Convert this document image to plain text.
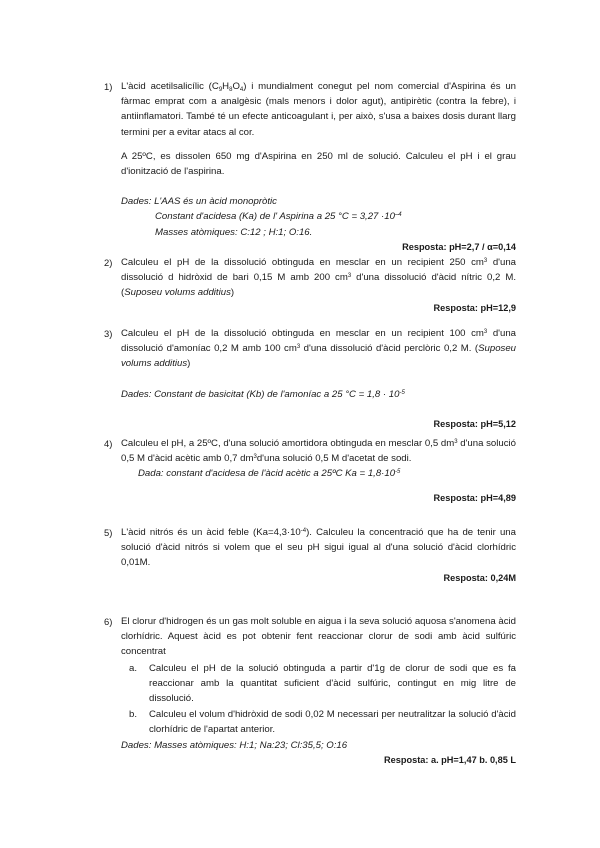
1) L'àcid acetilsalicílic $(C_9H_8O_4)$ i mundialment conegut pel nom comercial d'Aspirina és un fàrmac emprat com a analgèsic (mals menors i dolor agut), antipirètic (contra la febre), i antiinflamatori. També té un efecte anticoagulant i, per això, s'usa a baixes dosis durant llarg termini per a evitar atacs al cor.

A 25ºC, es dissolen 650 mg d'Aspirina en 250 ml de solució. Calculeu el pH i el grau d'ionització de l'aspirina.

Dades: L'AAS és un àcid monopròtic

Constant d'acidesa (Ka) de l' Aspirina a 25 $^\circ C = 3,27 \cdot 10^{-4}$

Masses atòmiques: C:12 ; H:1; O:16.

Resposta: pH=2,7 / α=0,14

2) Calculeu el pH de la dissolució obtinguda en mesclar en un recipient 250 $cm^3$ d'una dissolució d hidròxid de bari 0,15 M amb 200 $cm^3$ d'una dissolució d'àcid nítric 0,2 M. (Suposeu volums additius)

Resposta: pH=12,9

3) Calculeu el pH de la dissolució obtinguda en mesclar en un recipient 100 $cm^3$ d'una dissolució d'amoníac 0,2 M amb 100 $cm^3$ d'una dissolució d'àcid perclòric 0,2 M. (Suposeu volums additius)

Dades: Constant de basicitat (Kb) de l'amoníac a 25 $^\circ C = 1,8 \cdot 10^{-5}$

Resposta: pH=5,12

4) Calculeu el pH, a 25ºC, d'una solució amortidora obtinguda en mesclar 0,5 $dm^3$ d'una solució 0,5 M d'àcid acètic amb 0,7 $dm^3d'una$ solució 0,5 M d'acetat de sodi.

Dada: constant d'acidesa de l'àcid acètic a 25ºC $Ka = 1,8\cdot 10^{-5}$

Resposta: pH=4,89

5) L'àcid nitrós és un àcid feble $(Ka=4,3\cdot 10^{-4})$. Calculeu la concentració que ha de tenir una solució d'àcid nitrós si volem que el seu pH sigui igual al d'una solució d'àcid clorhídric 0,01M.

Resposta: 0,24M

6) El clorur d'hidrogen és un gas molt soluble en aigua i la seva solució aquosa s'anomena àcid clorhídric. Aquest àcid es pot obtenir fent reaccionar clorur de sodi amb àcid sulfúric concentrat

a. Calculeu el pH de la solució obtinguda a partir d'1g de clorur de sodi que es fa reaccionar amb la quantitat suficient d'àcid sulfúric, contingut en mig litre de dissolució.

b. Calculeu el volum d'hidròxid de sodi 0,02 M necessari per neutralitzar la solució d'àcid clorhídric de l'apartat anterior.

Dades: Masses atòmiques: H:1; Na:23; Cl:35,5; O:16

Resposta: a. pH=1,47 b. 0,85 L
